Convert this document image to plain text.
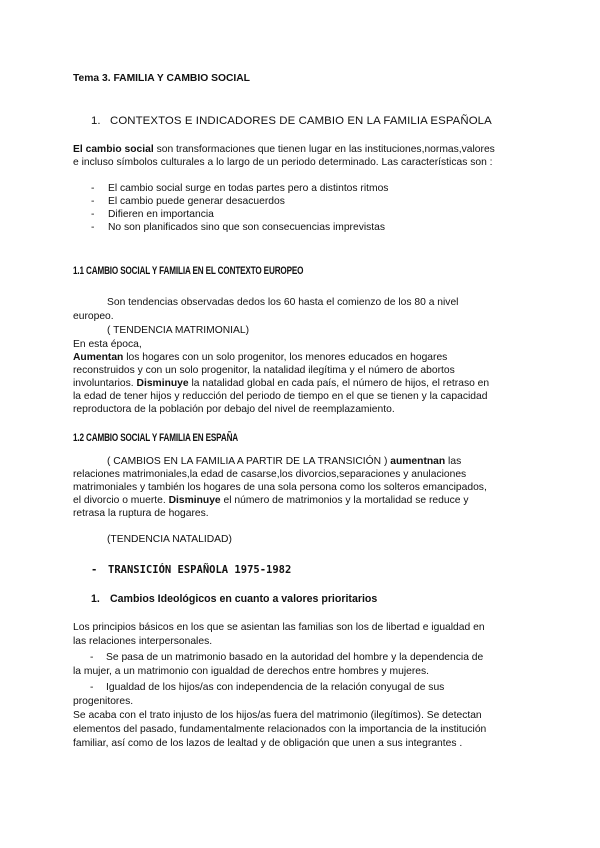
Tema 3. FAMILIA Y CAMBIO SOCIAL
1. CONTEXTOS E INDICADORES DE CAMBIO EN LA FAMILIA ESPAÑOLA
El cambio social son transformaciones que tienen lugar en las instituciones,normas,valores
e incluso símbolos culturales a lo largo de un periodo determinado. Las características son :
- El cambio social surge en todas partes pero a distintos ritmos
- El cambio puede generar desacuerdos
- Difieren en importancia
- No son planificados sino que son consecuencias imprevistas
1.1 CAMBIO SOCIAL Y FAMILIA EN EL CONTEXTO EUROPEO
Son tendencias observadas dedos los 60 hasta el comienzo de los 80 a nivel
europeo.
( TENDENCIA MATRIMONIAL)
En esta época,
Aumentan los hogares con un solo progenitor, los menores educados en hogares
reconstruidos y con un solo progenitor, la natalidad ilegítima y el número de abortos
involuntarios. Disminuye la natalidad global en cada país, el número de hijos, el retraso en
la edad de tener hijos y reducción del periodo de tiempo en el que se tienen y la capacidad
reproductora de la población por debajo del nivel de reemplazamiento.
1.2 CAMBIO SOCIAL Y FAMILIA EN ESPAÑA
( CAMBIOS EN LA FAMILIA A PARTIR DE LA TRANSICIÓN ) aumentnan las
relaciones matrimoniales,la edad de casarse,los divorcios,separaciones y anulaciones
matrimoniales y también los hogares de una sola persona como los solteros emancipados,
el divorcio o muerte. Disminuye el número de matrimonios y la mortalidad se reduce y
retrasa la ruptura de hogares.
(TENDENCIA NATALIDAD)
- TRANSICIÓN ESPAÑOLA 1975-1982
1. Cambios Ideológicos en cuanto a valores prioritarios
Los principios básicos en los que se asientan las familias son los de libertad e igualdad en
las relaciones interpersonales.
- Se pasa de un matrimonio basado en la autoridad del hombre y la dependencia de
la mujer, a un matrimonio con igualdad de derechos entre hombres y mujeres.
- Igualdad de los hijos/as con independencia de la relación conyugal de sus
progenitores.
Se acaba con el trato injusto de los hijos/as fuera del matrimonio (ilegítimos). Se detectan
elementos del pasado, fundamentalmente relacionados con la importancia de la institución
familiar, así como de los lazos de lealtad y de obligación que unen a sus integrantes .
